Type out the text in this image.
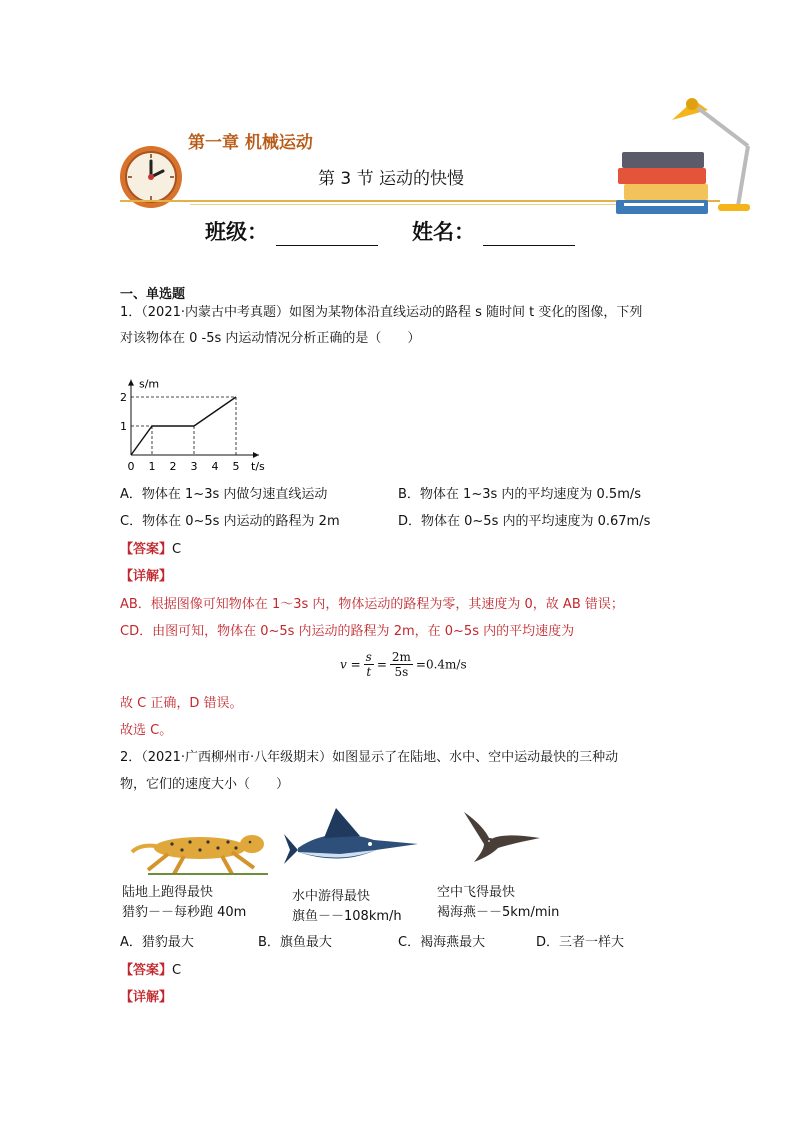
第一章 机械运动
第 3 节 运动的快慢
班级：	姓名：
一、单选题
1．（2021·内蒙古中考真题）如图为某物体沿直线运动的路程 s 随时间 t 变化的图像，下列
对该物体在 0 -5s 内运动情况分析正确的是（　　）
s/m
t/s
0 1 2 3 4 5
1
2
A．物体在 1~3s 内做匀速直线运动	B．物体在 1~3s 内的平均速度为 0.5m/s
C．物体在 0~5s 内运动的路程为 2m	D．物体在 0~5s 内的平均速度为 0.67m/s
【答案】C
【详解】
AB．根据图像可知物体在 1～3s 内，物体运动的路程为零，其速度为 0，故 AB 错误；
CD．由图可知，物体在 0~5s 内运动的路程为 2m，在 0~5s 内的平均速度为
$v = \frac{s}{t} = \frac{2m}{5s} =0.4m/s$
故 C 正确，D 错误。
故选 C。
2．（2021·广西柳州市·八年级期末）如图显示了在陆地、水中、空中运动最快的三种动
物，它们的速度大小（　　）
陆地上跑得最快
猎豹－－每秒跑 40m
水中游得最快
旗鱼－－108km/h
空中飞得最快
褐海燕－－5km/min
A．猎豹最大	B．旗鱼最大	C．褐海燕最大	D．三者一样大
【答案】C
【详解】
